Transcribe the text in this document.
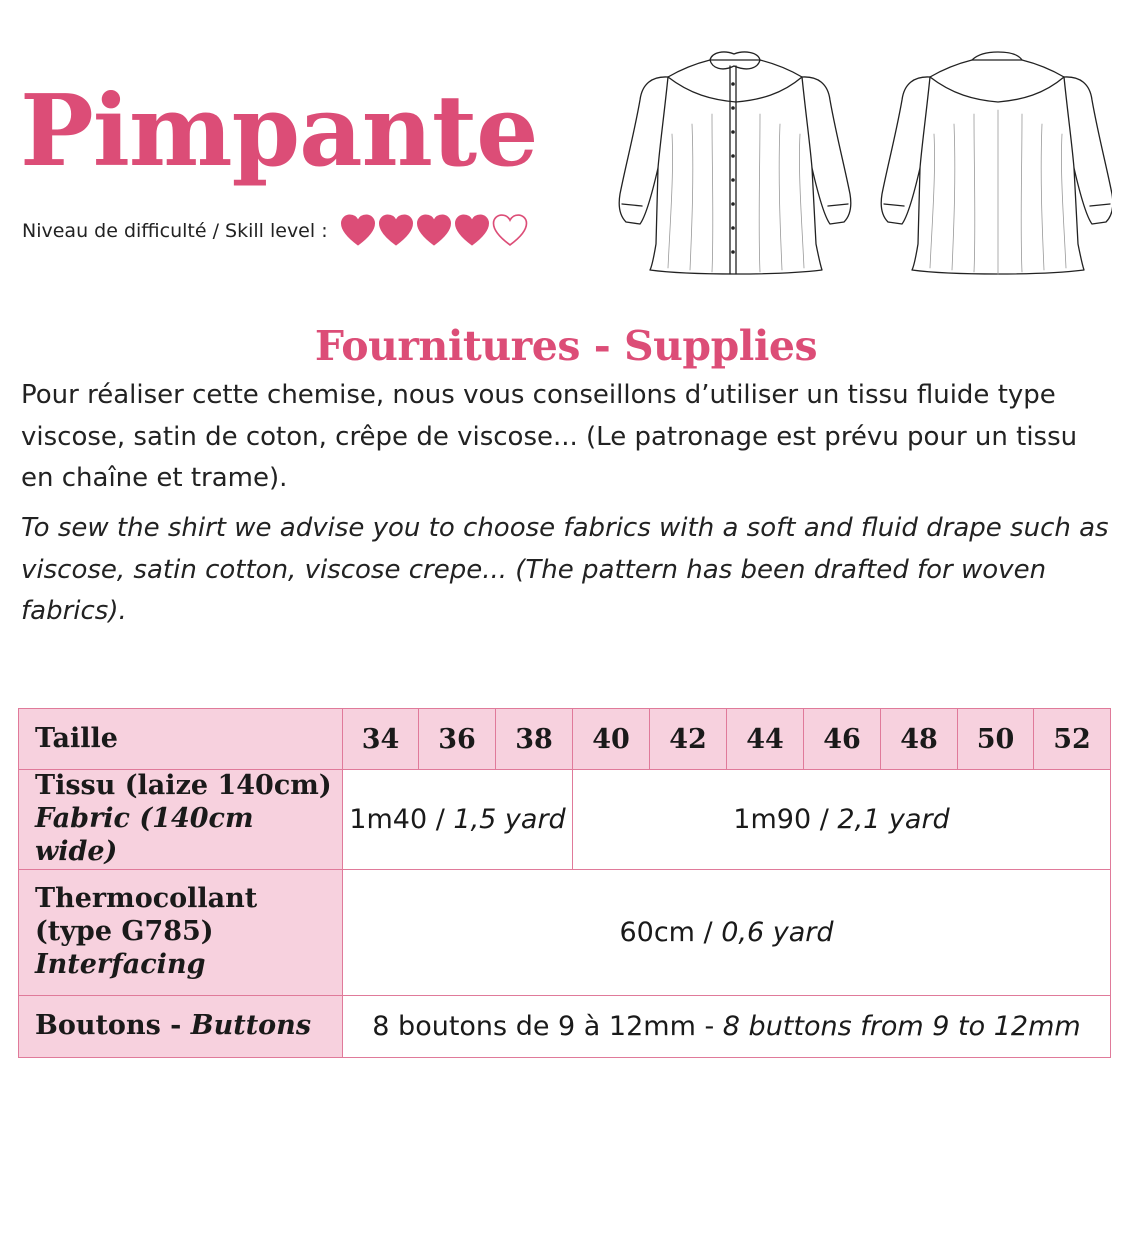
Pimpante
Niveau de difficulté / Skill level :
Fournitures - Supplies

Pour réaliser cette chemise, nous vous conseillons d’utiliser un tissu fluide type viscose, satin de coton, crêpe de viscose... (Le patronage est prévu pour un tissu en chaîne et trame).

To sew the shirt we advise you to choose fabrics with a soft and fluid drape such as viscose, satin cotton, viscose crepe... (The pattern has been drafted for woven fabrics).

Taille	34	36	38	40	42	44	46	48	50	52

Tissu (laize 140cm)
Fabric (140cm wide)	1m40 / 1,5 yard			1m90 / 2,1 yard						

Thermocollant
(type G785)
Interfacing	60cm / 0,6 yard									
Boutons - Buttons	8 boutons de 9 à 12mm - 8 buttons from 9 to 12mm									
